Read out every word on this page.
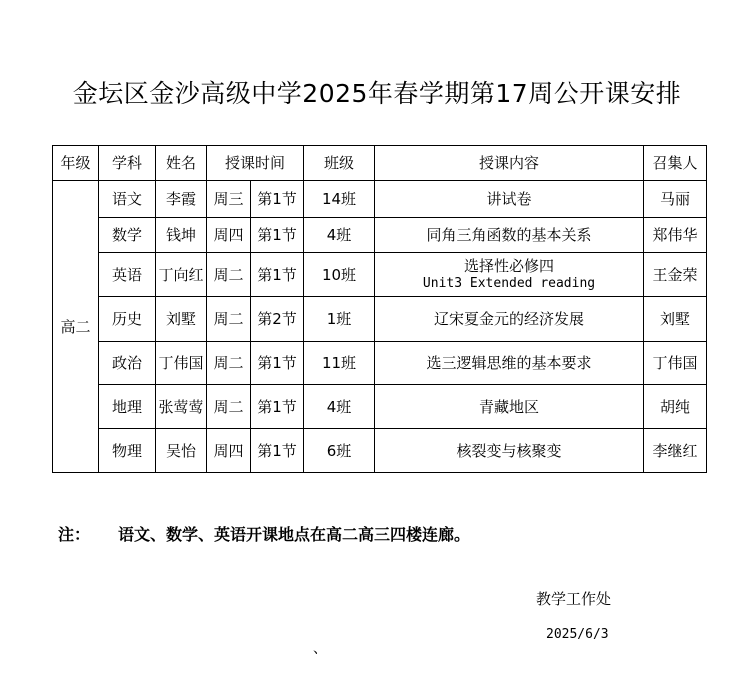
金坛区金沙高级中学2025年春学期第17周公开课安排
年级	学科	姓名	授课时间		班级	授课内容	召集人
高二	语文	李霞	周三	第1节	14班	讲试卷	马丽
	数学	钱坤	周四	第1节	4班	同角三角函数的基本关系	郑伟华
	英语	丁向红	周二	第1节	10班	选择性必修四
Unit3 Extended reading	王金荣
	历史	刘墅	周二	第2节	1班	辽宋夏金元的经济发展	刘墅
	政治	丁伟国	周二	第1节	11班	选三逻辑思维的基本要求	丁伟国
	地理	张莺莺	周二	第1节	4班	青藏地区	胡纯
	物理	吴怡	周四	第1节	6班	核裂变与核聚变	李继红
注： 语文、数学、英语开课地点在高二高三四楼连廊。
教学工作处
2025/6/3
、
